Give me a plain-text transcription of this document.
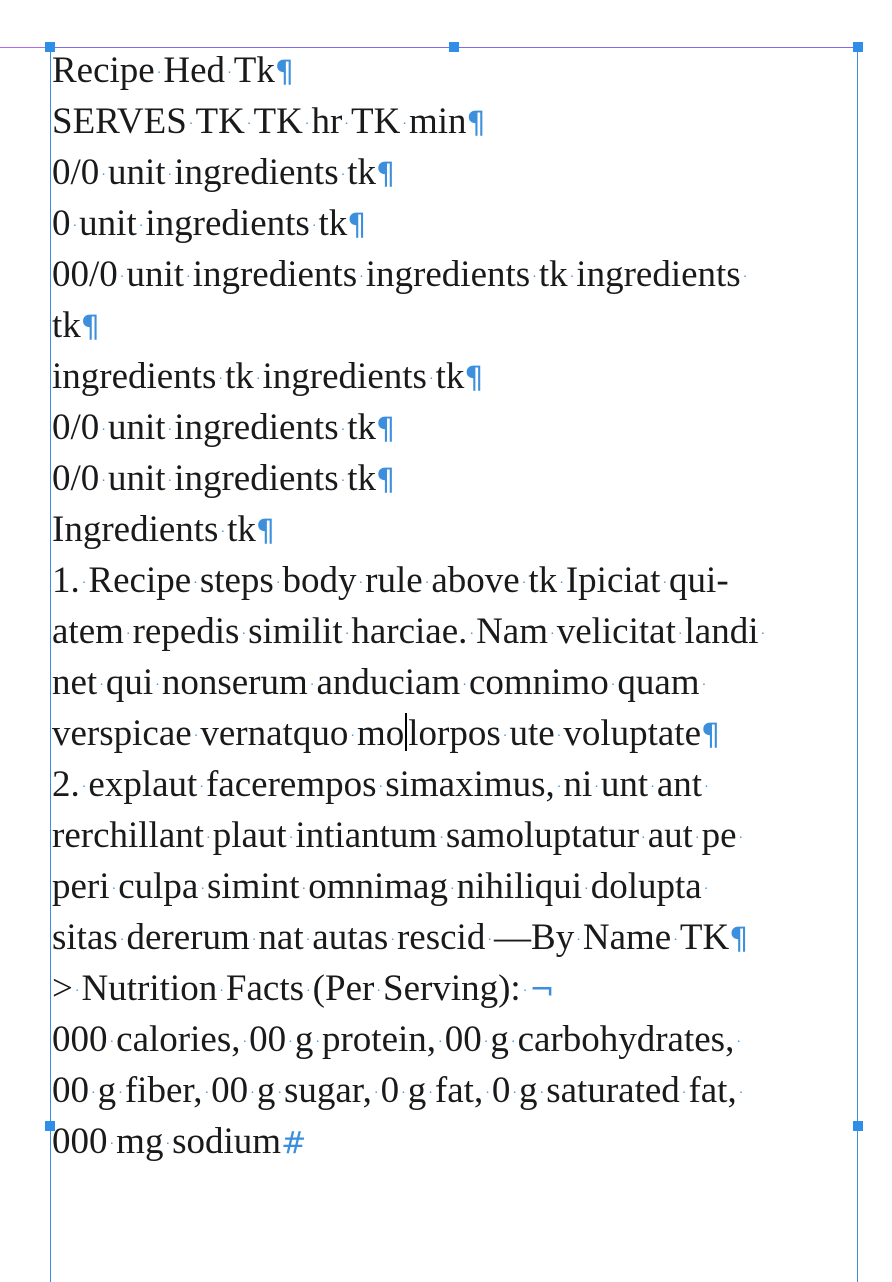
Recipe ·Hed ·Tk¶
SERVES ·TK ·TK ·hr ·TK ·min¶
0/0 ·unit ·ingredients ·tk¶
0 ·unit ·ingredients ·tk¶
00/0 ·unit ·ingredients ·ingredients ·tk ·ingredients ·
tk¶
ingredients ·tk ·ingredients ·tk¶
0/0 ·unit ·ingredients ·tk¶
0/0 ·unit ·ingredients ·tk¶
Ingredients ·tk¶
1. ·Recipe ·steps ·body ·rule ·above ·tk ·Ipiciat ·qui-
atem ·repedis ·similit ·harciae. ·Nam ·velicitat ·landi ·
net ·qui ·nonserum ·anduciam ·comnimo ·quam ·
verspicae ·vernatquo ·mo lorpos ·ute ·voluptate¶
2. ·explaut ·facerempos ·simaximus, ·ni ·unt ·ant ·
rerchillant ·plaut ·intiantum ·samoluptatur ·aut ·pe ·
peri ·culpa ·simint ·omnimag ·nihiliqui ·dolupta ·
sitas ·dererum ·nat ·autas ·rescid ·—By ·Name ·TK¶
> ·Nutrition ·Facts ·(Per ·Serving): ·¬
000 ·calories, ·00 ·g ·protein, ·00 ·g ·carbohydrates, ·
00 ·g ·fiber, ·00 ·g ·sugar, ·0 ·g ·fat, ·0 ·g ·saturated ·fat, ·
000 ·mg ·sodium#
